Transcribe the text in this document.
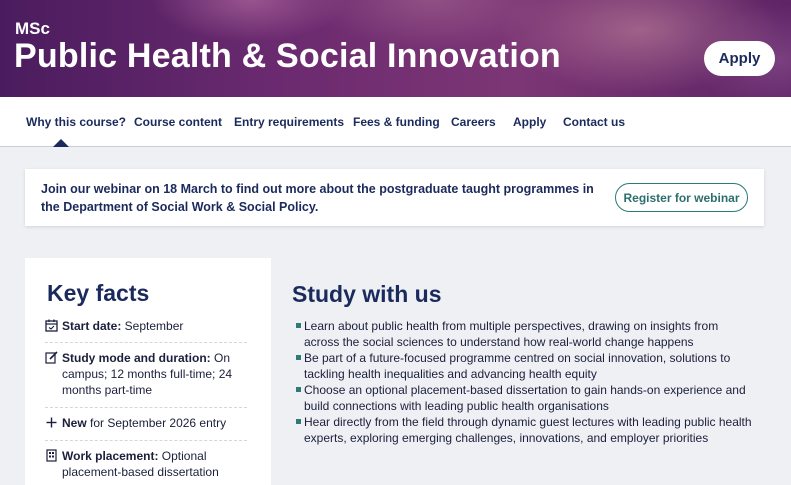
MSc
Public Health & Social Innovation	Apply
Why this course? Course content Entry requirements Fees & funding Careers Apply Contact us

Join our webinar on 18 March to find out more about the postgraduate taught programmes in the Department of Social Work & Social Policy.

Register for webinar
Key facts
Start date: September
Study mode and duration: On campus; 12 months full-time; 24 months part-time
New for September 2026 entry
Work placement: Optional placement-based dissertation
Study with us
Learn about public health from multiple perspectives, drawing on insights from across the social sciences to understand how real-world change happens
Be part of a future-focused programme centred on social innovation, solutions to tackling health inequalities and advancing health equity
Choose an optional placement-based dissertation to gain hands-on experience and build connections with leading public health organisations
Hear directly from the field through dynamic guest lectures with leading public health experts, exploring emerging challenges, innovations, and employer priorities
